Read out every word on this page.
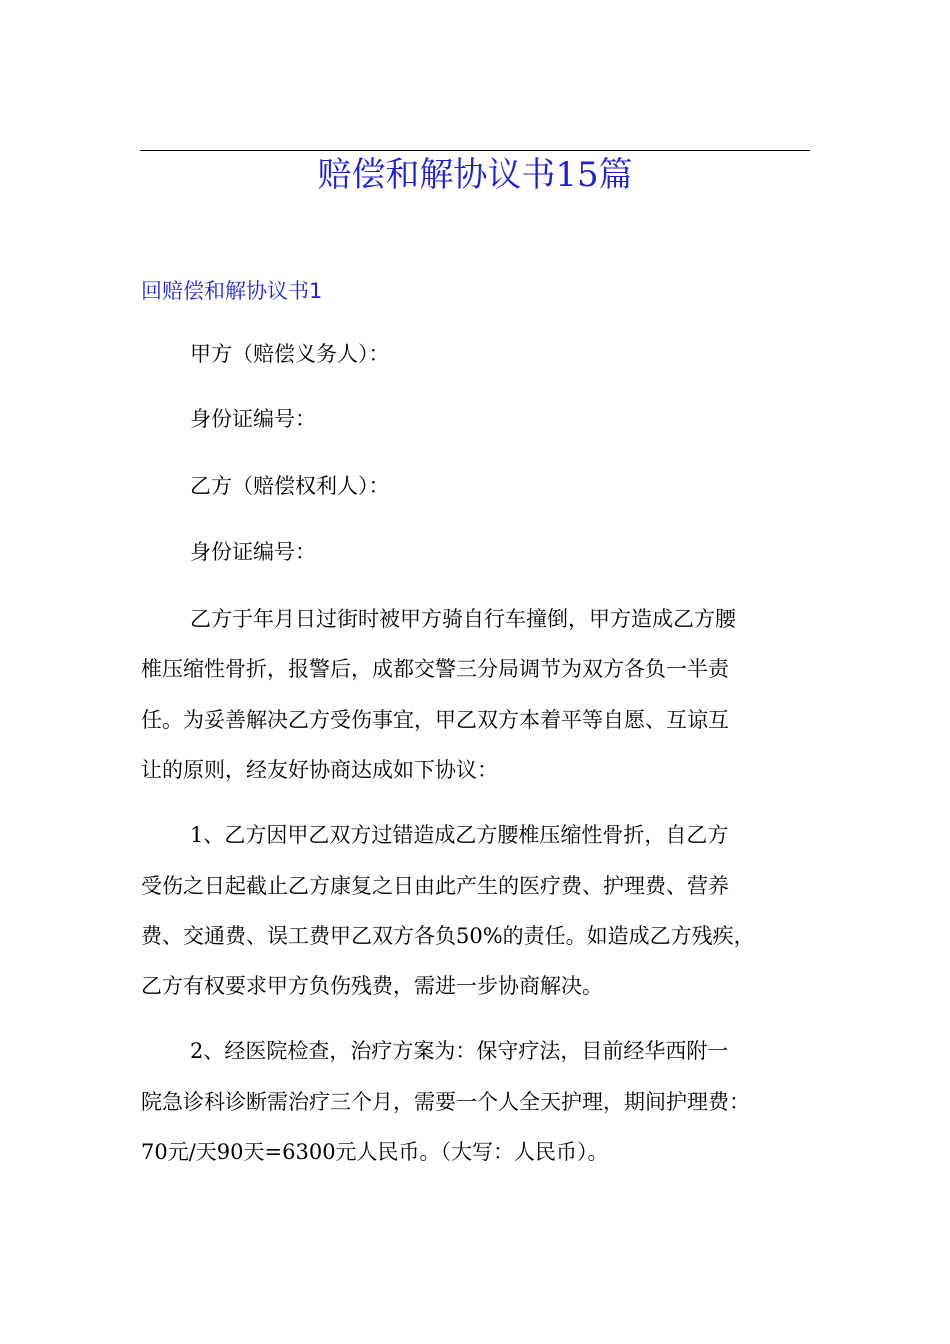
赔偿和解协议书15篇
回赔偿和解协议书1
甲方（赔偿义务人）：
身份证编号：
乙方（赔偿权利人）：
身份证编号：
乙方于年月日过街时被甲方骑自行车撞倒，甲方造成乙方腰
椎压缩性骨折，报警后，成都交警三分局调节为双方各负一半责
任。为妥善解决乙方受伤事宜，甲乙双方本着平等自愿、互谅互
让的原则，经友好协商达成如下协议：
1、乙方因甲乙双方过错造成乙方腰椎压缩性骨折，自乙方
受伤之日起截止乙方康复之日由此产生的医疗费、护理费、营养
费、交通费、误工费甲乙双方各负50%的责任。如造成乙方残疾，
乙方有权要求甲方负伤残费，需进一步协商解决。
2、经医院检查，治疗方案为：保守疗法，目前经华西附一
院急诊科诊断需治疗三个月，需要一个人全天护理，期间护理费：
70元/天90天=6300元人民币。（大写：人民币）。
